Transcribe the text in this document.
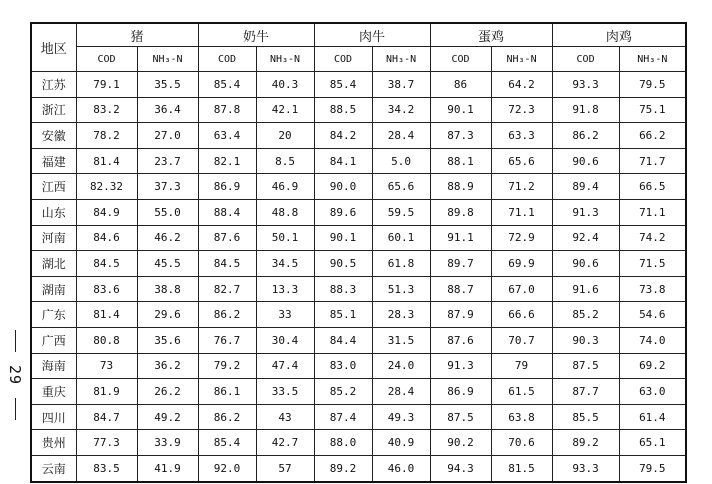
29
地区	猪		奶牛		肉牛		蛋鸡		肉鸡	
	COD	NH₃-N	COD	NH₃-N	COD	NH₃-N	COD	NH₃-N	COD	NH₃-N
江苏	79.1	35.5	85.4	40.3	85.4	38.7	86	64.2	93.3	79.5
浙江	83.2	36.4	87.8	42.1	88.5	34.2	90.1	72.3	91.8	75.1
安徽	78.2	27.0	63.4	20	84.2	28.4	87.3	63.3	86.2	66.2
福建	81.4	23.7	82.1	8.5	84.1	5.0	88.1	65.6	90.6	71.7
江西	82.32	37.3	86.9	46.9	90.0	65.6	88.9	71.2	89.4	66.5
山东	84.9	55.0	88.4	48.8	89.6	59.5	89.8	71.1	91.3	71.1
河南	84.6	46.2	87.6	50.1	90.1	60.1	91.1	72.9	92.4	74.2
湖北	84.5	45.5	84.5	34.5	90.5	61.8	89.7	69.9	90.6	71.5
湖南	83.6	38.8	82.7	13.3	88.3	51.3	88.7	67.0	91.6	73.8
广东	81.4	29.6	86.2	33	85.1	28.3	87.9	66.6	85.2	54.6
广西	80.8	35.6	76.7	30.4	84.4	31.5	87.6	70.7	90.3	74.0
海南	73	36.2	79.2	47.4	83.0	24.0	91.3	79	87.5	69.2
重庆	81.9	26.2	86.1	33.5	85.2	28.4	86.9	61.5	87.7	63.0
四川	84.7	49.2	86.2	43	87.4	49.3	87.5	63.8	85.5	61.4
贵州	77.3	33.9	85.4	42.7	88.0	40.9	90.2	70.6	89.2	65.1
云南	83.5	41.9	92.0	57	89.2	46.0	94.3	81.5	93.3	79.5
